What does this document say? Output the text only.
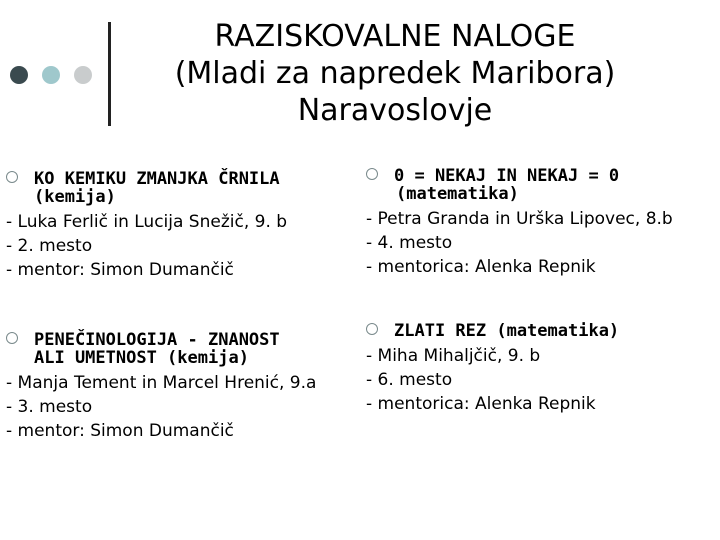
RAZISKOVALNE NALOGE
(Mladi za napredek Maribora)
Naravoslovje
KO KEMIKU ZMANJKA ČRNILA
(kemija)
- Luka Ferlič in Lucija Snežič, 9. b
- 2. mesto
- mentor: Simon Dumančič
0 = NEKAJ IN NEKAJ = 0
(matematika)
- Petra Granda in Urška Lipovec, 8.b
- 4. mesto
- mentorica: Alenka Repnik
PENEČINOLOGIJA - ZNANOST
ALI UMETNOST (kemija)
- Manja Tement in Marcel Hrenić, 9.a
- 3. mesto
- mentor: Simon Dumančič
ZLATI REZ (matematika)
- Miha Mihaljčič, 9. b
- 6. mesto
- mentorica: Alenka Repnik
